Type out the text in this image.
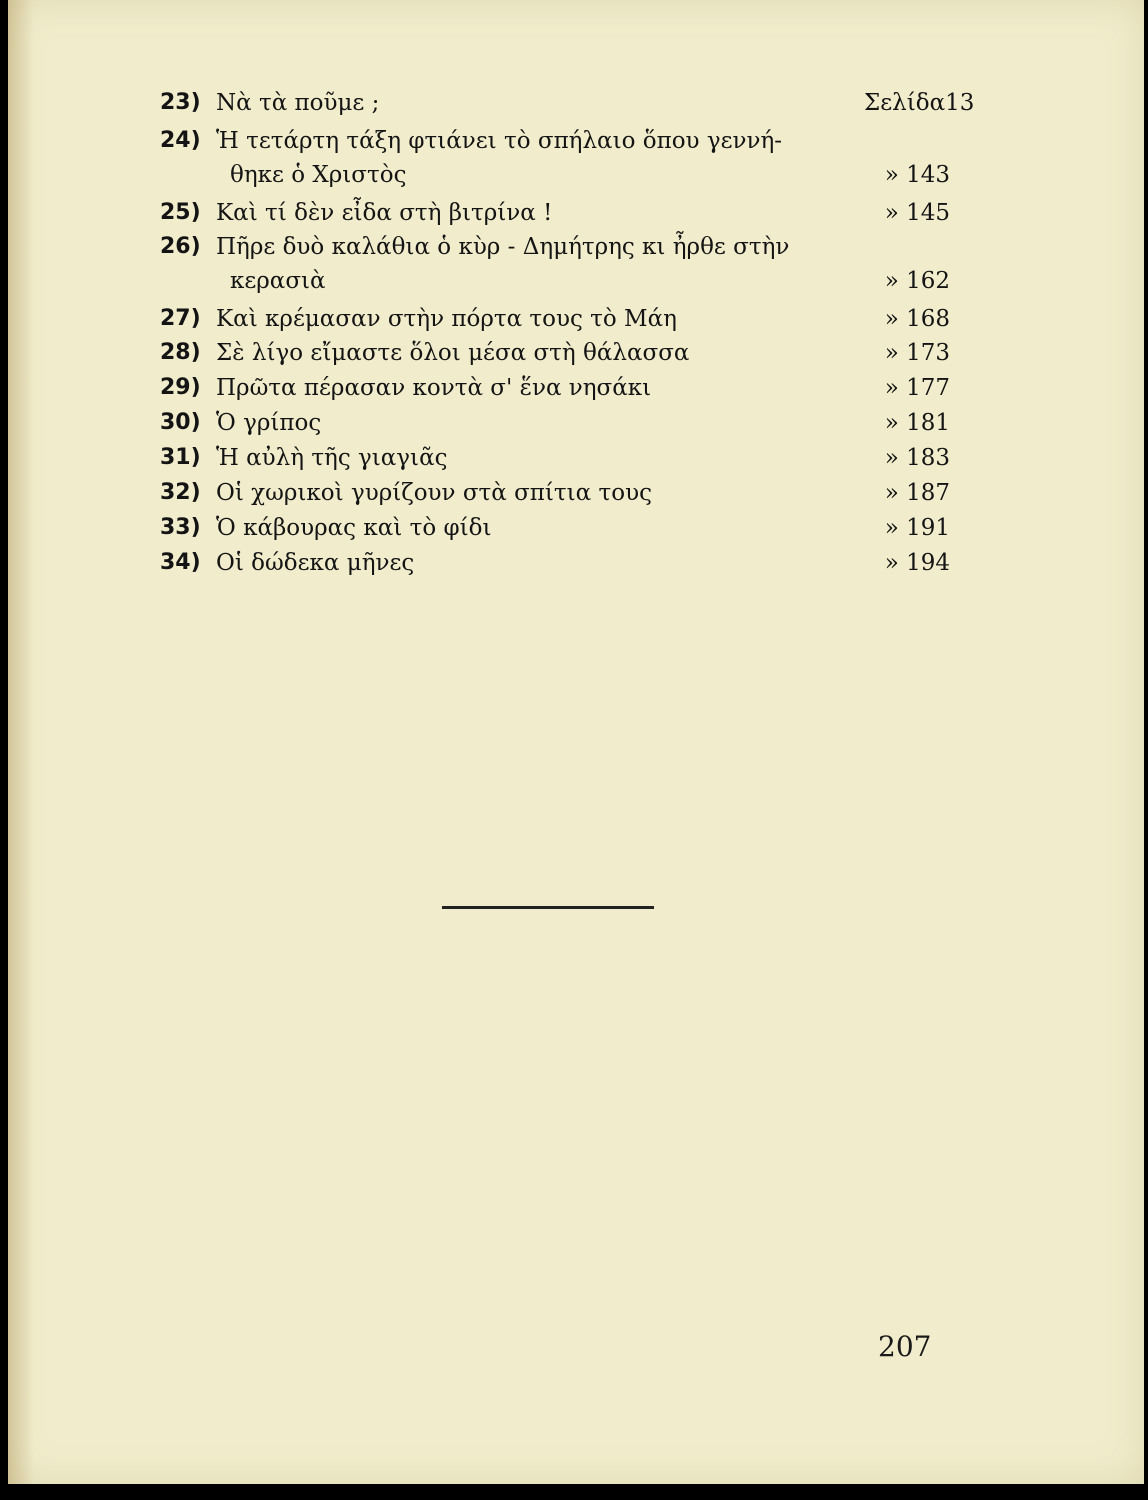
23) Νὰ τὰ ποῦμε ;	Σελίδα13
24) Ἡ τετάρτη τάξη φτιάνει τὸ σπήλαιο ὅπου γεννή-
θηκε ὁ Χριστὸς	» 143
25) Καὶ τί δὲν εἶδα στὴ βιτρίνα !	» 145
26) Πῆρε δυὸ καλάθια ὁ κὺρ - Δημήτρης κι ἦρθε στὴν
κερασιὰ	» 162
27) Καὶ κρέμασαν στὴν πόρτα τους τὸ Μάη	» 168
28) Σὲ λίγο εἴμαστε ὅλοι μέσα στὴ θάλασσα	» 173
29) Πρῶτα πέρασαν κοντὰ σ' ἕνα νησάκι	» 177
30) Ὁ γρίπος	» 181
31) Ἡ αὐλὴ τῆς γιαγιᾶς	» 183
32) Οἱ χωρικοὶ γυρίζουν στὰ σπίτια τους	» 187
33) Ὁ κάβουρας καὶ τὸ φίδι	» 191
34) Οἱ δώδεκα μῆνες	» 194
207
